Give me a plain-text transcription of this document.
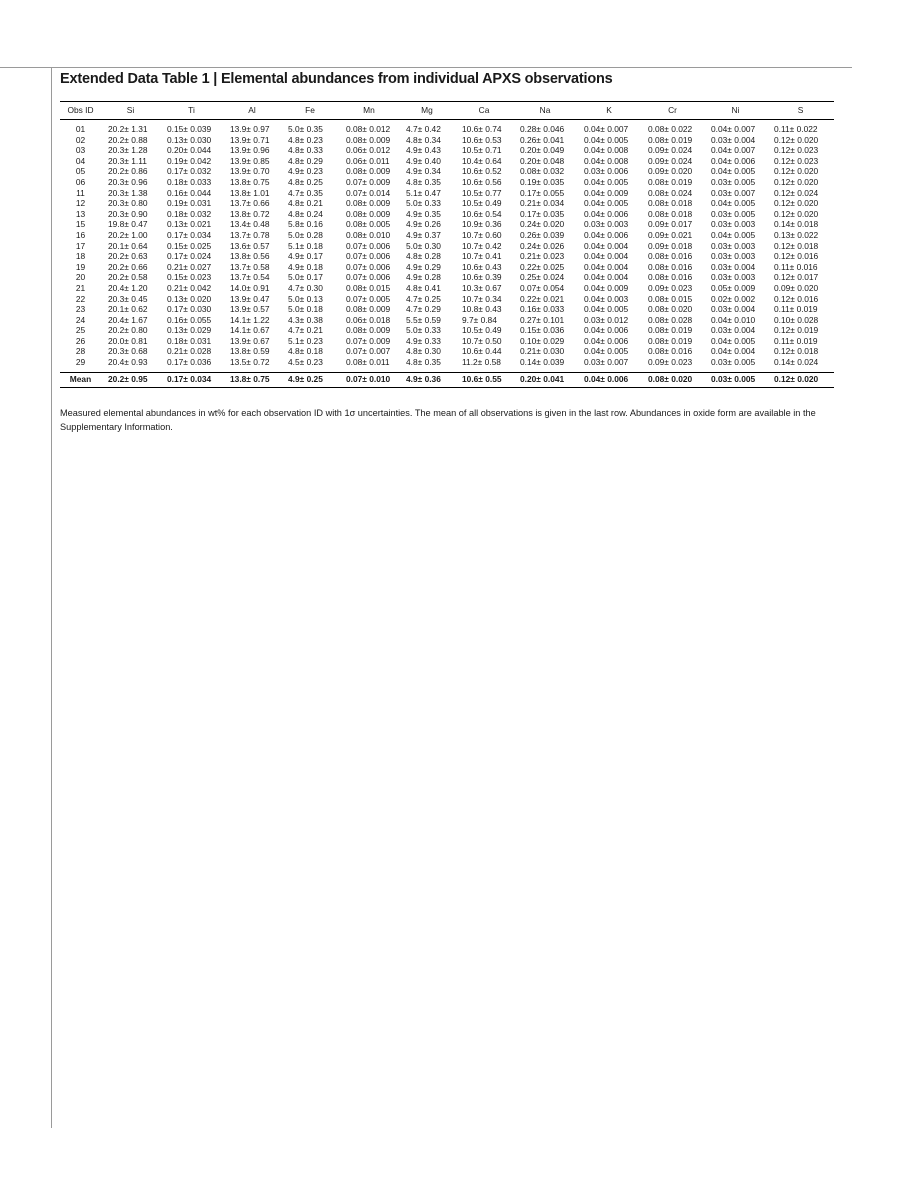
Extended Data Table 1 | Elemental abundances from individual APXS observations
Obs ID	Si	Ti	Al	Fe	Mn	Mg	Ca	Na	K	Cr	Ni	S
01	20.2± 1.31	0.15± 0.039	13.9± 0.97	5.0± 0.35	0.08± 0.012	4.7± 0.42	10.6± 0.74	0.28± 0.046	0.04± 0.007	0.08± 0.022	0.04± 0.007	0.11± 0.022
02	20.2± 0.88	0.13± 0.030	13.9± 0.71	4.8± 0.23	0.08± 0.009	4.8± 0.34	10.6± 0.53	0.26± 0.041	0.04± 0.005	0.08± 0.019	0.03± 0.004	0.12± 0.020
03	20.3± 1.28	0.20± 0.044	13.9± 0.96	4.8± 0.33	0.06± 0.012	4.9± 0.43	10.5± 0.71	0.20± 0.049	0.04± 0.008	0.09± 0.024	0.04± 0.007	0.12± 0.023
04	20.3± 1.11	0.19± 0.042	13.9± 0.85	4.8± 0.29	0.06± 0.011	4.9± 0.40	10.4± 0.64	0.20± 0.048	0.04± 0.008	0.09± 0.024	0.04± 0.006	0.12± 0.023
05	20.2± 0.86	0.17± 0.032	13.9± 0.70	4.9± 0.23	0.08± 0.009	4.9± 0.34	10.6± 0.52	0.08± 0.032	0.03± 0.006	0.09± 0.020	0.04± 0.005	0.12± 0.020
06	20.3± 0.96	0.18± 0.033	13.8± 0.75	4.8± 0.25	0.07± 0.009	4.8± 0.35	10.6± 0.56	0.19± 0.035	0.04± 0.005	0.08± 0.019	0.03± 0.005	0.12± 0.020
11	20.3± 1.38	0.16± 0.044	13.8± 1.01	4.7± 0.35	0.07± 0.014	5.1± 0.47	10.5± 0.77	0.17± 0.055	0.04± 0.009	0.08± 0.024	0.03± 0.007	0.12± 0.024
12	20.3± 0.80	0.19± 0.031	13.7± 0.66	4.8± 0.21	0.08± 0.009	5.0± 0.33	10.5± 0.49	0.21± 0.034	0.04± 0.005	0.08± 0.018	0.04± 0.005	0.12± 0.020
13	20.3± 0.90	0.18± 0.032	13.8± 0.72	4.8± 0.24	0.08± 0.009	4.9± 0.35	10.6± 0.54	0.17± 0.035	0.04± 0.006	0.08± 0.018	0.03± 0.005	0.12± 0.020
15	19.8± 0.47	0.13± 0.021	13.4± 0.48	5.8± 0.16	0.08± 0.005	4.9± 0.26	10.9± 0.36	0.24± 0.020	0.03± 0.003	0.09± 0.017	0.03± 0.003	0.14± 0.018
16	20.2± 1.00	0.17± 0.034	13.7± 0.78	5.0± 0.28	0.08± 0.010	4.9± 0.37	10.7± 0.60	0.26± 0.039	0.04± 0.006	0.09± 0.021	0.04± 0.005	0.13± 0.022
17	20.1± 0.64	0.15± 0.025	13.6± 0.57	5.1± 0.18	0.07± 0.006	5.0± 0.30	10.7± 0.42	0.24± 0.026	0.04± 0.004	0.09± 0.018	0.03± 0.003	0.12± 0.018
18	20.2± 0.63	0.17± 0.024	13.8± 0.56	4.9± 0.17	0.07± 0.006	4.8± 0.28	10.7± 0.41	0.21± 0.023	0.04± 0.004	0.08± 0.016	0.03± 0.003	0.12± 0.016
19	20.2± 0.66	0.21± 0.027	13.7± 0.58	4.9± 0.18	0.07± 0.006	4.9± 0.29	10.6± 0.43	0.22± 0.025	0.04± 0.004	0.08± 0.016	0.03± 0.004	0.11± 0.016
20	20.2± 0.58	0.15± 0.023	13.7± 0.54	5.0± 0.17	0.07± 0.006	4.9± 0.28	10.6± 0.39	0.25± 0.024	0.04± 0.004	0.08± 0.016	0.03± 0.003	0.12± 0.017
21	20.4± 1.20	0.21± 0.042	14.0± 0.91	4.7± 0.30	0.08± 0.015	4.8± 0.41	10.3± 0.67	0.07± 0.054	0.04± 0.009	0.09± 0.023	0.05± 0.009	0.09± 0.020
22	20.3± 0.45	0.13± 0.020	13.9± 0.47	5.0± 0.13	0.07± 0.005	4.7± 0.25	10.7± 0.34	0.22± 0.021	0.04± 0.003	0.08± 0.015	0.02± 0.002	0.12± 0.016
23	20.1± 0.62	0.17± 0.030	13.9± 0.57	5.0± 0.18	0.08± 0.009	4.7± 0.29	10.8± 0.43	0.16± 0.033	0.04± 0.005	0.08± 0.020	0.03± 0.004	0.11± 0.019
24	20.4± 1.67	0.16± 0.055	14.1± 1.22	4.3± 0.38	0.06± 0.018	5.5± 0.59	9.7± 0.84	0.27± 0.101	0.03± 0.012	0.08± 0.028	0.04± 0.010	0.10± 0.028
25	20.2± 0.80	0.13± 0.029	14.1± 0.67	4.7± 0.21	0.08± 0.009	5.0± 0.33	10.5± 0.49	0.15± 0.036	0.04± 0.006	0.08± 0.019	0.03± 0.004	0.12± 0.019
26	20.0± 0.81	0.18± 0.031	13.9± 0.67	5.1± 0.23	0.07± 0.009	4.9± 0.33	10.7± 0.50	0.10± 0.029	0.04± 0.006	0.08± 0.019	0.04± 0.005	0.11± 0.019
28	20.3± 0.68	0.21± 0.028	13.8± 0.59	4.8± 0.18	0.07± 0.007	4.8± 0.30	10.6± 0.44	0.21± 0.030	0.04± 0.005	0.08± 0.016	0.04± 0.004	0.12± 0.018
29	20.4± 0.93	0.17± 0.036	13.5± 0.72	4.5± 0.23	0.08± 0.011	4.8± 0.35	11.2± 0.58	0.14± 0.039	0.03± 0.007	0.09± 0.023	0.03± 0.005	0.14± 0.024
Mean	20.2± 0.95	0.17± 0.034	13.8± 0.75	4.9± 0.25	0.07± 0.010	4.9± 0.36	10.6± 0.55	0.20± 0.041	0.04± 0.006	0.08± 0.020	0.03± 0.005	0.12± 0.020
Measured elemental abundances in wt% for each observation ID with 1σ uncertainties. The mean of all observations is given in the last row. Abundances in oxide form are available in the Supplementary Information.
